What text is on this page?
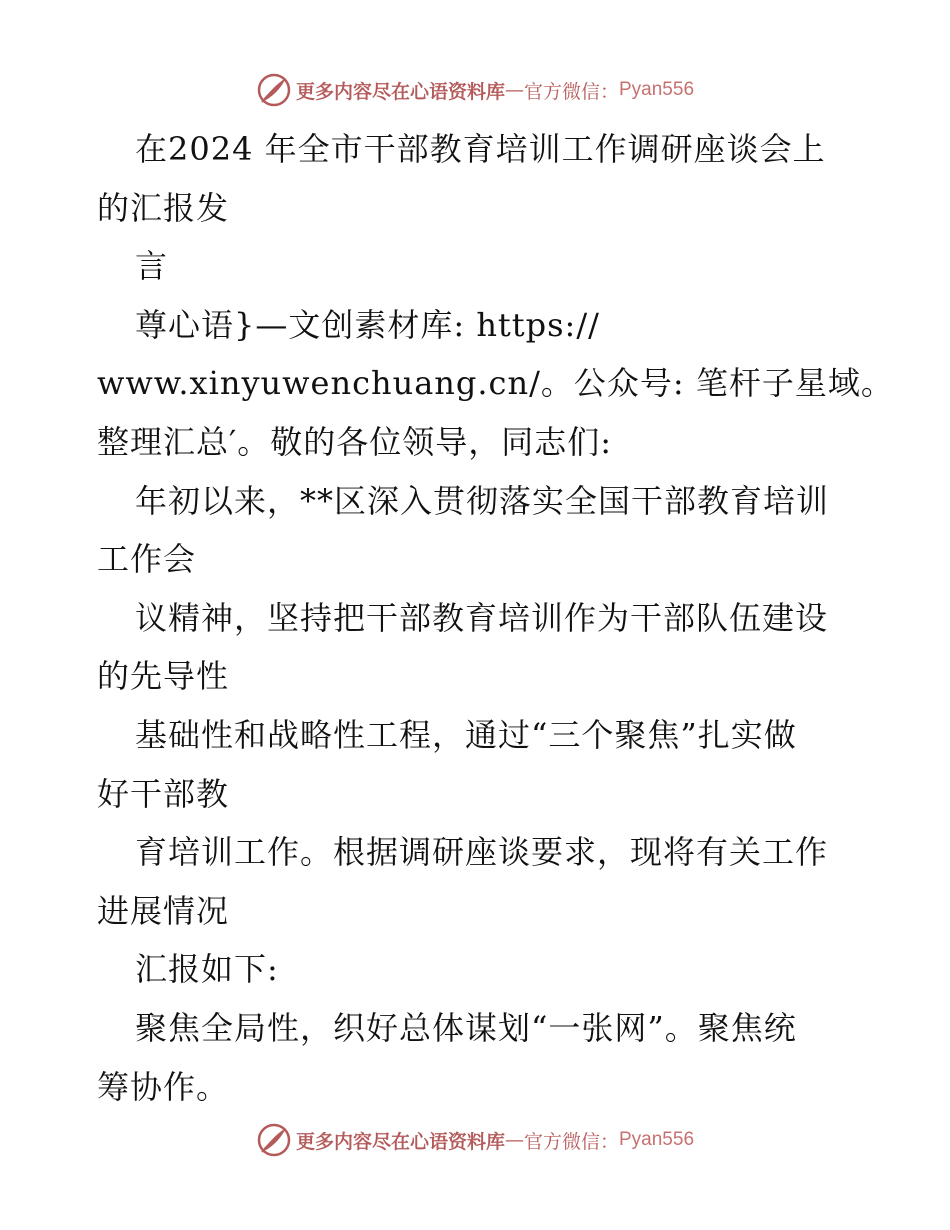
更多内容尽在心语资料库 — 官方微信： Pyan556
在2024 年全市干部教育培训工作调研座谈会上
的汇报发
言
尊心语}—文创素材库: https://
www.xinyuwenchuang.cn/。公众号: 笔杆子星域。
整理汇总′。敬的各位领导，同志们:
年初以来，**区深入贯彻落实全国干部教育培训
工作会
议精神，坚持把干部教育培训作为干部队伍建设
的先导性
基础性和战略性工程，通过“三个聚焦”扎实做
好干部教
育培训工作。根据调研座谈要求，现将有关工作
进展情况
汇报如下:
聚焦全局性，织好总体谋划“一张网”。聚焦统
筹协作。
更多内容尽在心语资料库 — 官方微信： Pyan556
